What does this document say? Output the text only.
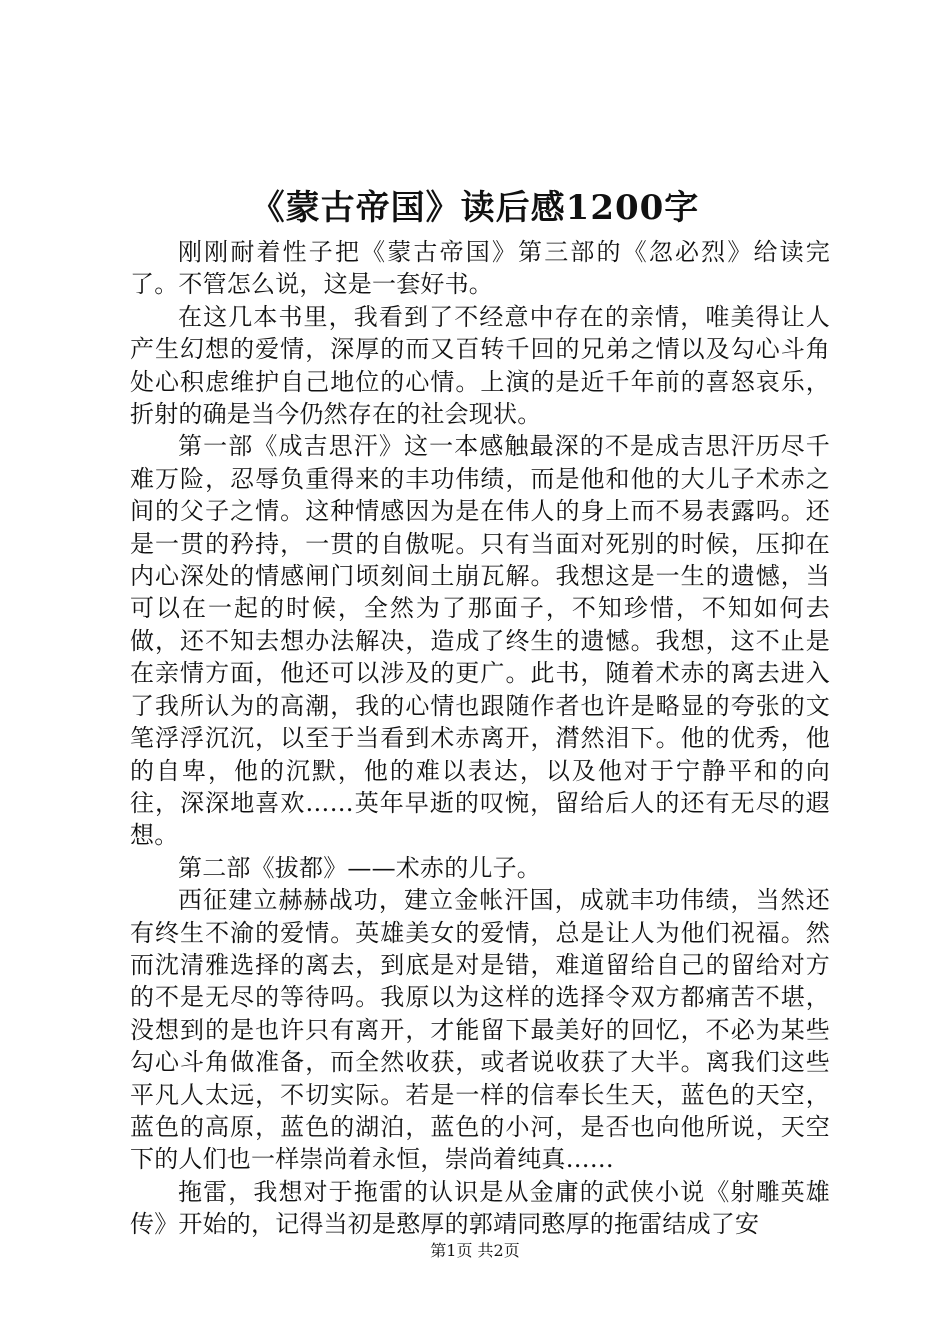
《蒙古帝国》读后感1200字

刚刚耐着性子把《蒙古帝国》第三部的《忽必烈》给读完了。不管怎么说，这是一套好书。

在这几本书里，我看到了不经意中存在的亲情，唯美得让人产生幻想的爱情，深厚的而又百转千回的兄弟之情以及勾心斗角处心积虑维护自己地位的心情。上演的是近千年前的喜怒哀乐，折射的确是当今仍然存在的社会现状。

第一部《成吉思汗》这一本感触最深的不是成吉思汗历尽千难万险，忍辱负重得来的丰功伟绩，而是他和他的大儿子术赤之间的父子之情。这种情感因为是在伟人的身上而不易表露吗。还是一贯的矜持，一贯的自傲呢。只有当面对死别的时候，压抑在内心深处的情感闸门顷刻间土崩瓦解。我想这是一生的遗憾，当可以在一起的时候，全然为了那面子，不知珍惜，不知如何去做，还不知去想办法解决，造成了终生的遗憾。我想，这不止是在亲情方面，他还可以涉及的更广。此书，随着术赤的离去进入了我所认为的高潮，我的心情也跟随作者也许是略显的夸张的文笔浮浮沉沉，以至于当看到术赤离开，潸然泪下。他的优秀，他的自卑，他的沉默，他的难以表达，以及他对于宁静平和的向往，深深地喜欢……英年早逝的叹惋，留给后人的还有无尽的遐想。

第二部《拔都》——术赤的儿子。

西征建立赫赫战功，建立金帐汗国，成就丰功伟绩，当然还有终生不渝的爱情。英雄美女的爱情，总是让人为他们祝福。然而沈清雅选择的离去，到底是对是错，难道留给自己的留给对方的不是无尽的等待吗。我原以为这样的选择令双方都痛苦不堪，没想到的是也许只有离开，才能留下最美好的回忆，不必为某些勾心斗角做准备，而全然收获，或者说收获了大半。离我们这些平凡人太远，不切实际。若是一样的信奉长生天，蓝色的天空，蓝色的高原，蓝色的湖泊，蓝色的小河，是否也向他所说，天空下的人们也一样崇尚着永恒，崇尚着纯真……

拖雷，我想对于拖雷的认识是从金庸的武侠小说《射雕英雄传》开始的，记得当初是憨厚的郭靖同憨厚的拖雷结成了安

第1页 共2页
